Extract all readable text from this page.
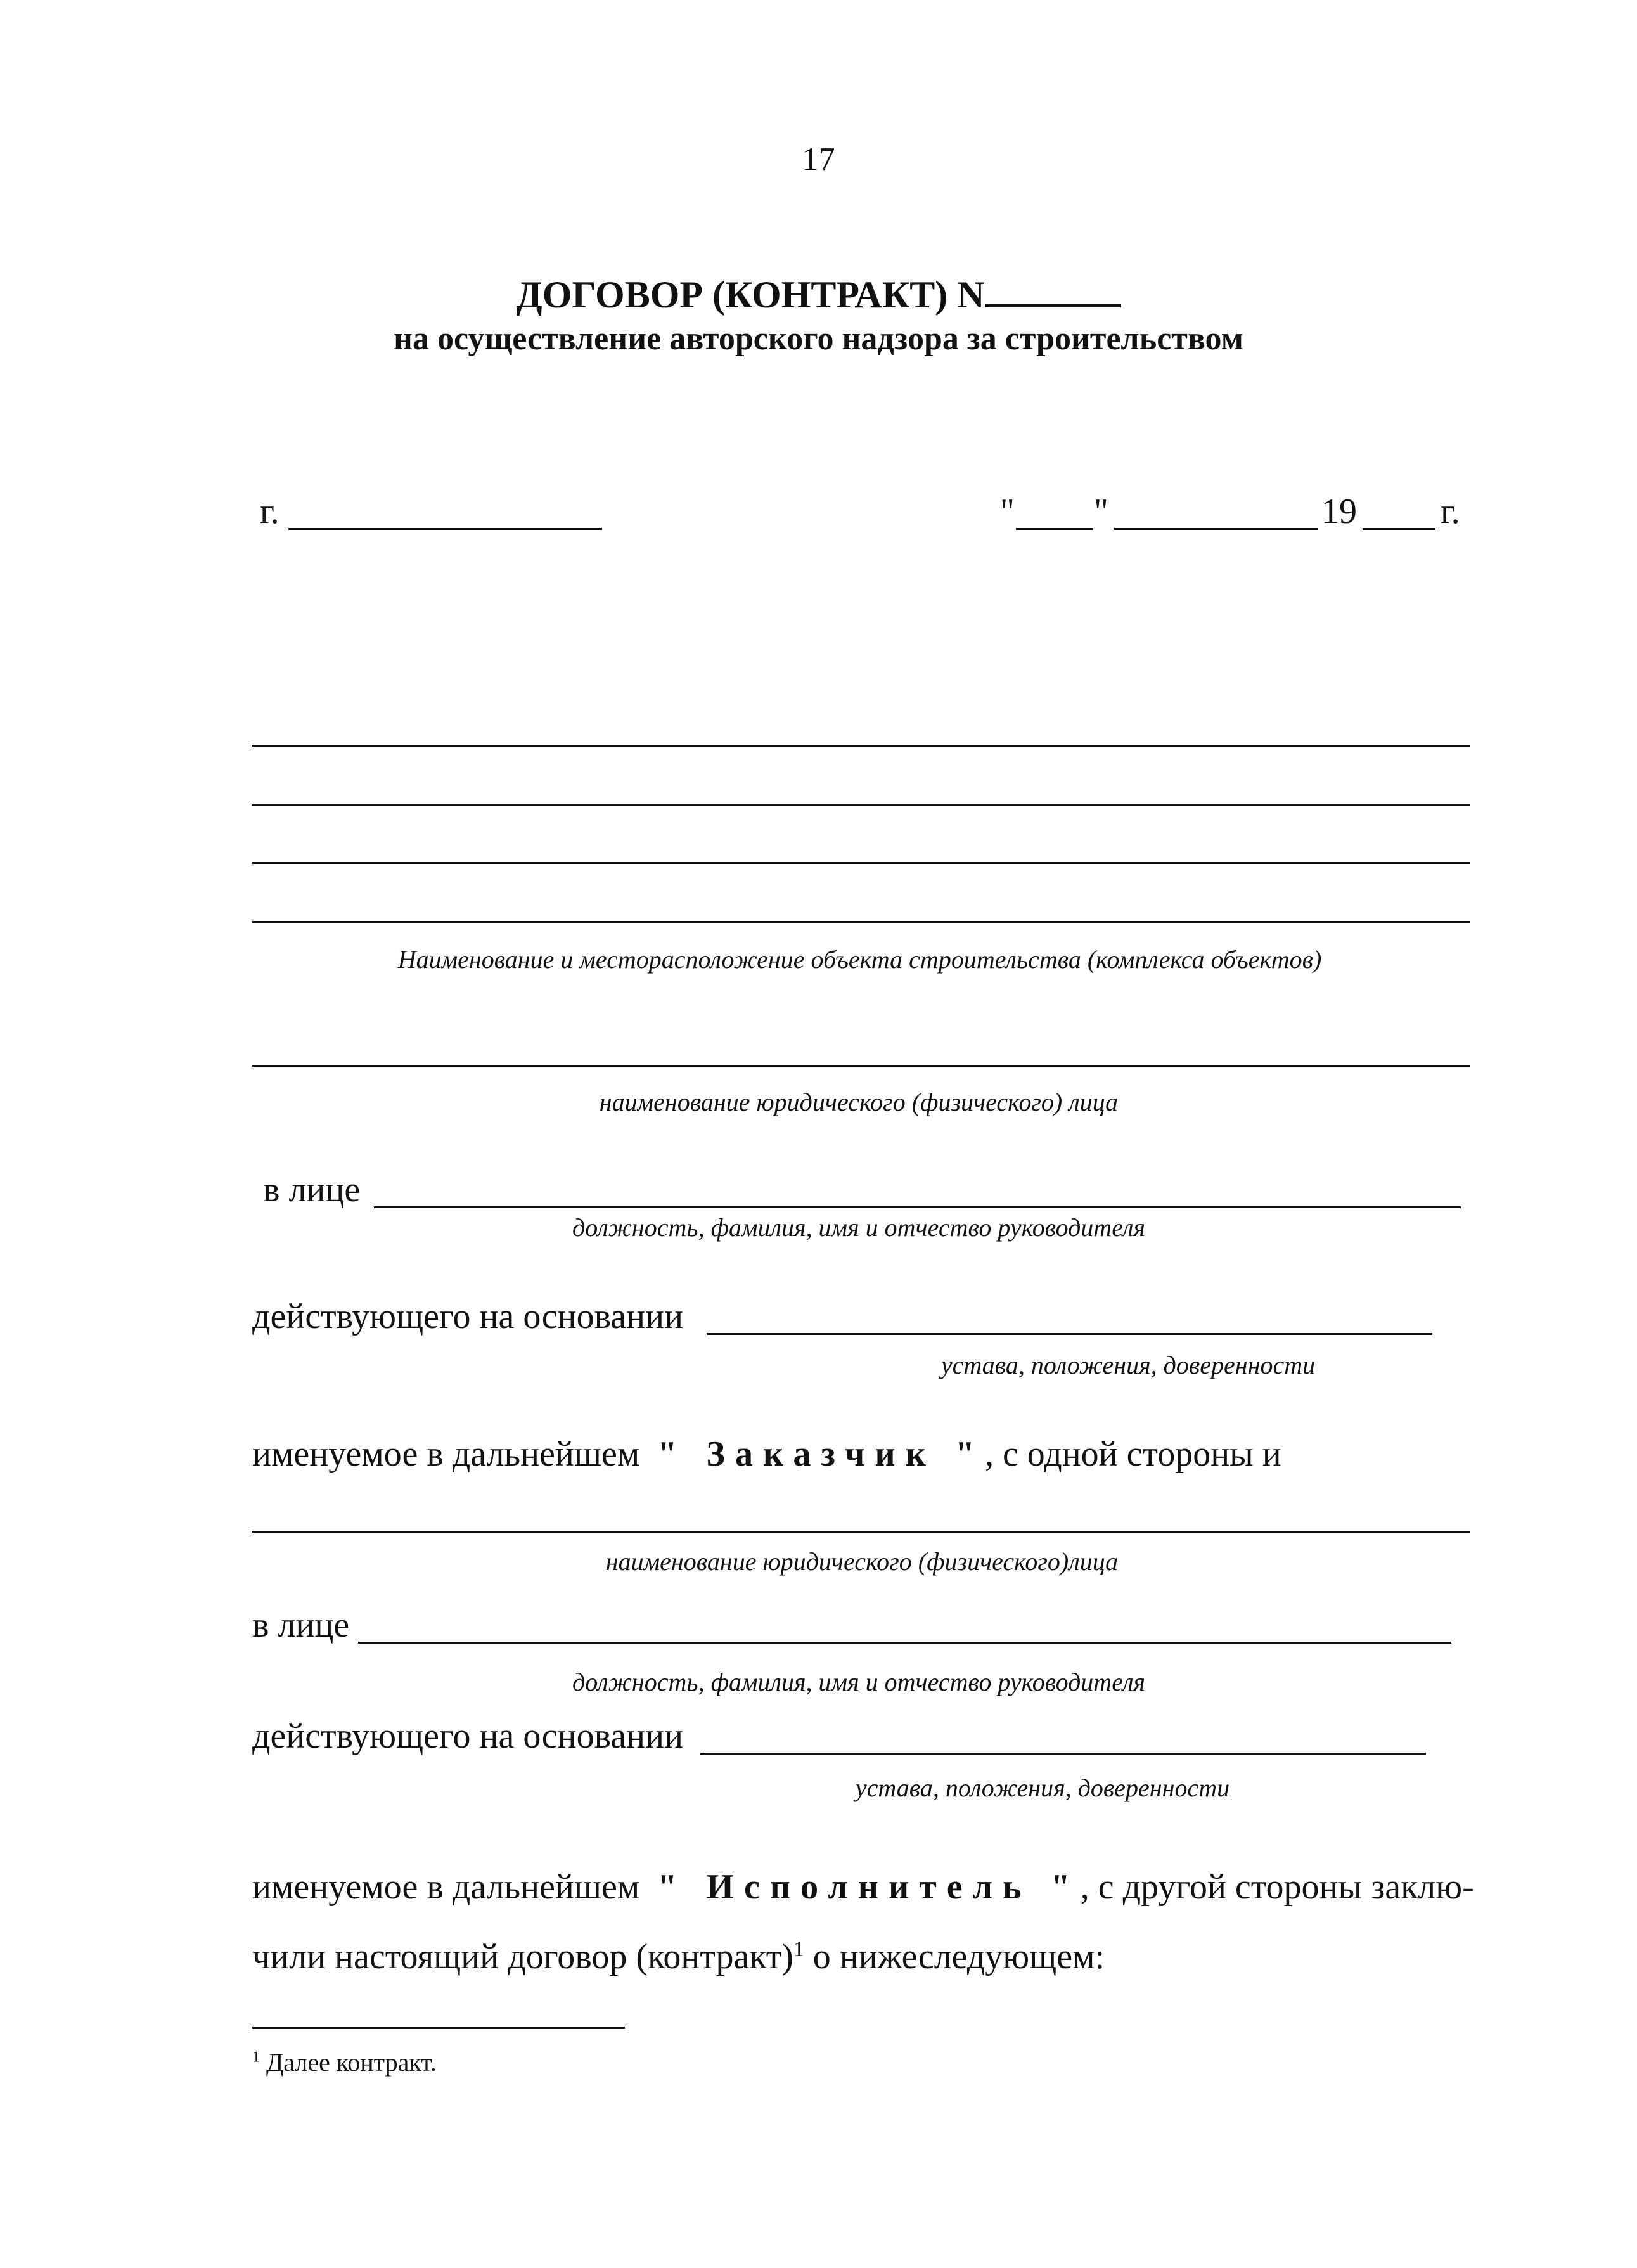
17
ДОГОВОР (КОНТРАКТ) N
на осуществление авторского надзора за строительством
г.	" "	19 г.
Наименование и месторасположение объекта строительства (комплекса объектов)
наименование юридического (физического) лица
в лице
должность, фамилия, имя и отчество руководителя
действующего на основании
устава, положения, доверенности
именуемое в дальнейшем " Заказчик ", с одной стороны и
наименование юридического (физического)лица
в лице
должность, фамилия, имя и отчество руководителя
действующего на основании
устава, положения, доверенности
именуемое в дальнейшем " Исполнитель ", с другой стороны заклю-
чили настоящий договор (контракт)$^1$ о нижеследующем:
$^1$ Далее контракт.
